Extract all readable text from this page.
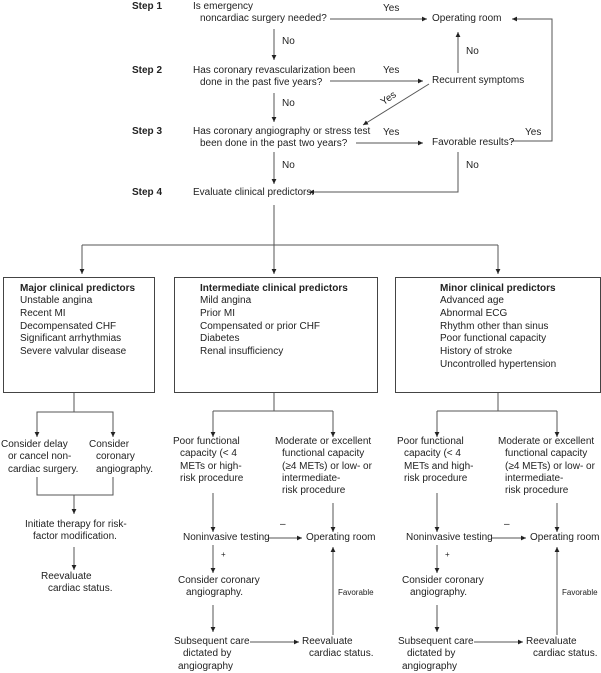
Step 1
Step 2
Step 3
Step 4
Is emergency
noncardiac surgery needed?
Has coronary revascularization been
done in the past five years?
Has coronary angiography or stress test
been done in the past two years?
Evaluate clinical predictors.
Operating room
Recurrent symptoms
Favorable results?
Yes
No
No
Yes
Yes
No
Yes	Yes
No	No
Major clinical predictors
Unstable angina
Recent MI
Decompensated CHF
Significant arrhythmias
Severe valvular disease
Intermediate clinical predictors
Mild angina
Prior MI
Compensated or prior CHF
Diabetes
Renal insufficiency
Minor clinical predictors
Advanced age
Abnormal ECG
Rhythm other than sinus
Poor functional capacity
History of stroke
Uncontrolled hypertension
Consider delay
or cancel non-
cardiac surgery.
Consider
coronary
angiography.
Initiate therapy for risk-
factor modification.
Reevaluate
cardiac status.
Poor functional
capacity (< 4
METs or high-
risk procedure
Moderate or excellent
functional capacity
(≥4 METs) or low- or
intermediate-
risk procedure
Noninvasive testing	Operating room
–
+
Consider coronary
angiography.	Favorable
Subsequent care
dictated by
angiography
Reevaluate
cardiac status.
Poor functional
capacity (< 4
METs and high-
risk procedure
Moderate or excellent
functional capacity
(≥4 METs) or low- or
intermediate-
risk procedure
Noninvasive testing	Operating room
–
+
Consider coronary
angiography.	Favorable
Subsequent care
dictated by
angiography
Reevaluate
cardiac status.
